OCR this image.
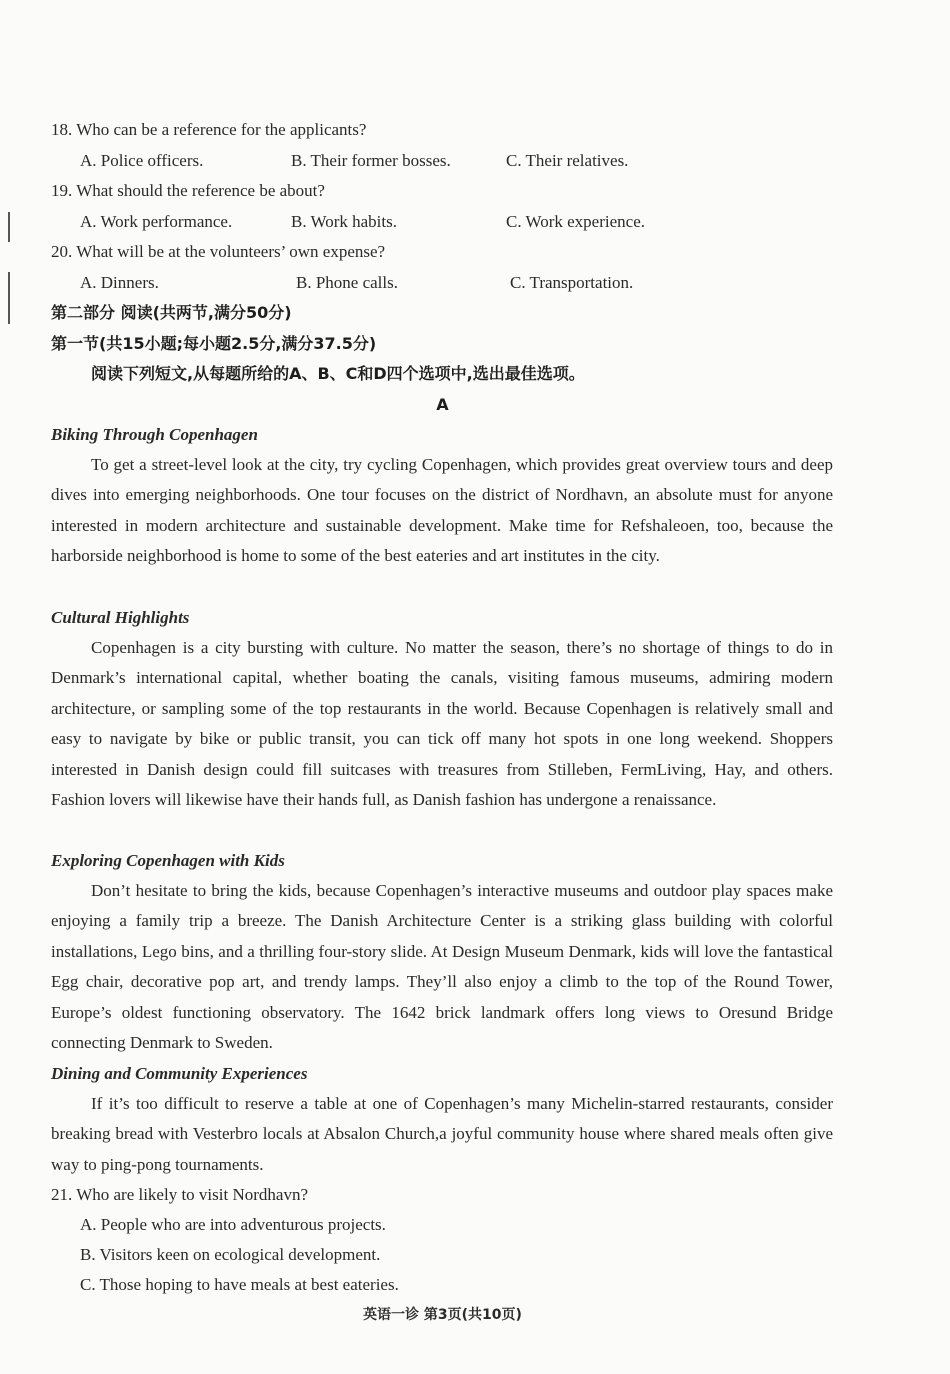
18. Who can be a reference for the applicants?
A. Police officers.	B. Their former bosses.	C. Their relatives.
19. What should the reference be about?
A. Work performance.	B. Work habits.	C. Work experience.
20. What will be at the volunteers’ own expense?
A. Dinners.	B. Phone calls.	C. Transportation.
第二部分 阅读(共两节,满分50分)
第一节(共15小题;每小题2.5分,满分37.5分)
阅读下列短文,从每题所给的A、B、C和D四个选项中,选出最佳选项。
A
Biking Through Copenhagen
To get a street-level look at the city, try cycling Copenhagen, which provides great overview tours and deep dives into emerging neighborhoods. One tour focuses on the district of Nordhavn, an absolute must for anyone interested in modern architecture and sustainable development. Make time for Refshaleoen, too, because the harborside neighborhood is home to some of the best eateries and art institutes in the city.
Cultural Highlights
Copenhagen is a city bursting with culture. No matter the season, there’s no shortage of things to do in Denmark’s international capital, whether boating the canals, visiting famous museums, admiring modern architecture, or sampling some of the top restaurants in the world. Because Copenhagen is relatively small and easy to navigate by bike or public transit, you can tick off many hot spots in one long weekend. Shoppers interested in Danish design could fill suitcases with treasures from Stilleben, FermLiving, Hay, and others. Fashion lovers will likewise have their hands full, as Danish fashion has undergone a renaissance.
Exploring Copenhagen with Kids
Don’t hesitate to bring the kids, because Copenhagen’s interactive museums and outdoor play spaces make enjoying a family trip a breeze. The Danish Architecture Center is a striking glass building with colorful installations, Lego bins, and a thrilling four-story slide. At Design Museum Denmark, kids will love the fantastical Egg chair, decorative pop art, and trendy lamps. They’ll also enjoy a climb to the top of the Round Tower, Europe’s oldest functioning observatory. The 1642 brick landmark offers long views to Oresund Bridge connecting Denmark to Sweden.
Dining and Community Experiences
If it’s too difficult to reserve a table at one of Copenhagen’s many Michelin-starred restaurants, consider breaking bread with Vesterbro locals at Absalon Church,a joyful community house where shared meals often give way to ping-pong tournaments.
21. Who are likely to visit Nordhavn?
A. People who are into adventurous projects.
B. Visitors keen on ecological development.
C. Those hoping to have meals at best eateries.
英语一诊 第3页(共10页)
